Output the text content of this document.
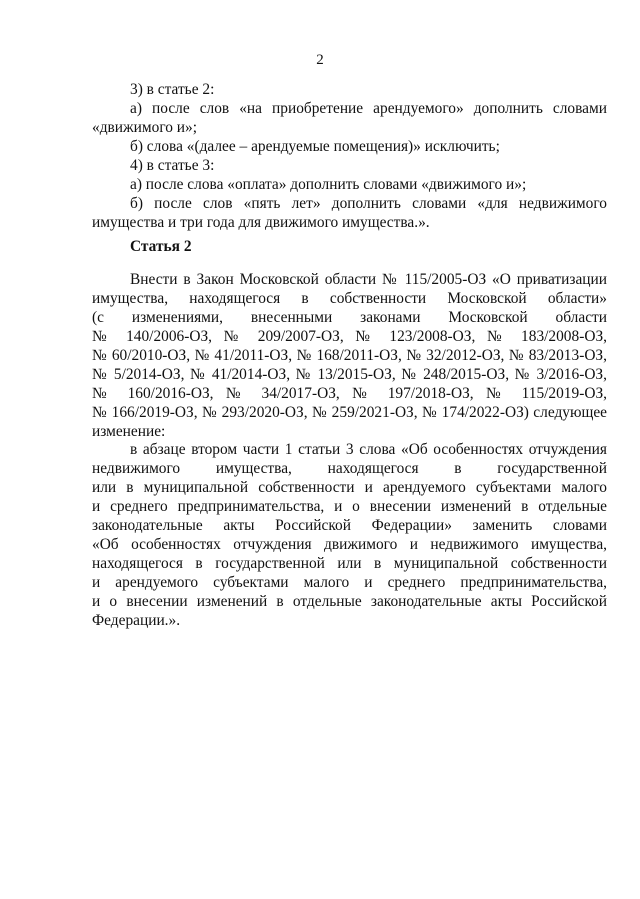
2

3) в статье 2:

а) после слов «на приобретение арендуемого» дополнить словами «движимого и»;

б) слова «(далее – арендуемые помещения)» исключить;

4) в статье 3:

а) после слова «оплата» дополнить словами «движимого и»;

б) после слов «пять лет» дополнить словами «для недвижимого имущества и три года для движимого имущества.».

Статья 2
Внести в Закон Московской области № 115/2005-ОЗ «О приватизации
имущества, находящегося в собственности Московской области»
(с изменениями, внесенными законами Московской области
№ 140/2006-ОЗ, № 209/2007-ОЗ, № 123/2008-ОЗ, № 183/2008-ОЗ,
№ 60/2010-ОЗ, № 41/2011-ОЗ, № 168/2011-ОЗ, № 32/2012-ОЗ, № 83/2013-ОЗ,
№ 5/2014-ОЗ, № 41/2014-ОЗ, № 13/2015-ОЗ, № 248/2015-ОЗ, № 3/2016-ОЗ,
№ 160/2016-ОЗ, № 34/2017-ОЗ, № 197/2018-ОЗ, № 115/2019-ОЗ,
№ 166/2019-ОЗ, № 293/2020-ОЗ, № 259/2021-ОЗ, № 174/2022-ОЗ) следующее
изменение:
в абзаце втором части 1 статьи 3 слова «Об особенностях отчуждения
недвижимого имущества, находящегося в государственной
или в муниципальной собственности и арендуемого субъектами малого
и среднего предпринимательства, и о внесении изменений в отдельные
законодательные акты Российской Федерации» заменить словами
«Об особенностях отчуждения движимого и недвижимого имущества,
находящегося в государственной или в муниципальной собственности
и арендуемого субъектами малого и среднего предпринимательства,
и о внесении изменений в отдельные законодательные акты Российской
Федерации.».
